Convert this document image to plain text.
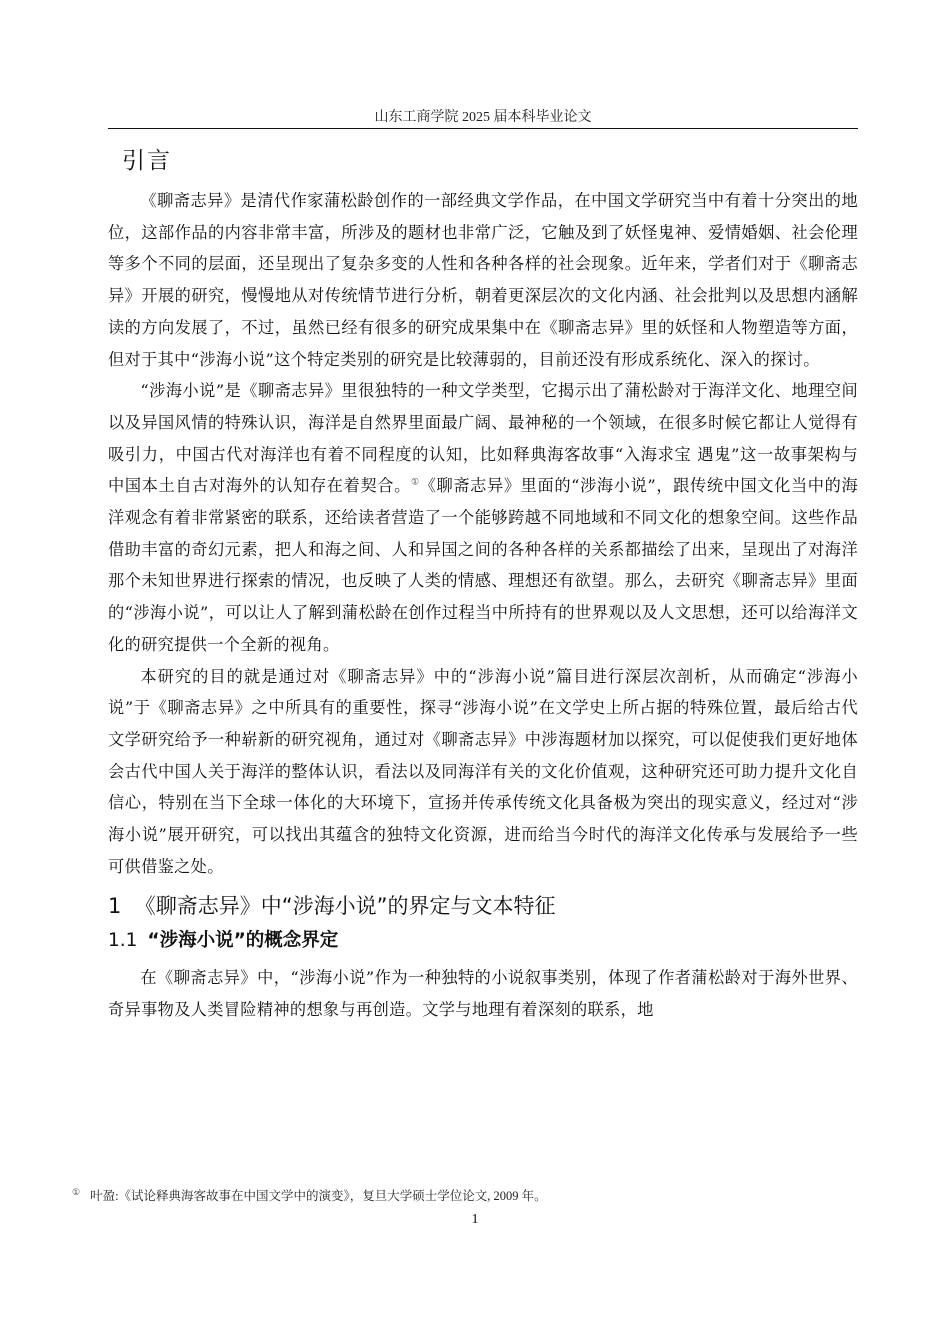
山东工商学院 2025 届本科毕业论文
引言

《聊斋志异》是清代作家蒲松龄创作的一部经典文学作品，在中国文学研究当中有着十分突出的地位，这部作品的内容非常丰富，所涉及的题材也非常广泛，它触及到了妖怪鬼神、爱情婚姻、社会伦理等多个不同的层面，还呈现出了复杂多变的人性和各种各样的社会现象。近年来，学者们对于《聊斋志异》开展的研究，慢慢地从对传统情节进行分析，朝着更深层次的文化内涵、社会批判以及思想内涵解读的方向发展了，不过，虽然已经有很多的研究成果集中在《聊斋志异》里的妖怪和人物塑造等方面，但对于其中“涉海小说”这个特定类别的研究是比较薄弱的，目前还没有形成系统化、深入的探讨。

“涉海小说”是《聊斋志异》里很独特的一种文学类型，它揭示出了蒲松龄对于海洋文化、地理空间以及异国风情的特殊认识，海洋是自然界里面最广阔、最神秘的一个领域，在很多时候它都让人觉得有吸引力，中国古代对海洋也有着不同程度的认知，比如释典海客故事“入海求宝 遇鬼”这一故事架构与中国本土自古对海外的认知存在着契合。①《聊斋志异》里面的“涉海小说”，跟传统中国文化当中的海洋观念有着非常紧密的联系，还给读者营造了一个能够跨越不同地域和不同文化的想象空间。这些作品借助丰富的奇幻元素，把人和海之间、人和异国之间的各种各样的关系都描绘了出来，呈现出了对海洋那个未知世界进行探索的情况，也反映了人类的情感、理想还有欲望。那么，去研究《聊斋志异》里面的“涉海小说”，可以让人了解到蒲松龄在创作过程当中所持有的世界观以及人文思想，还可以给海洋文化的研究提供一个全新的视角。

本研究的目的就是通过对《聊斋志异》中的“涉海小说”篇目进行深层次剖析，从而确定“涉海小说”于《聊斋志异》之中所具有的重要性，探寻“涉海小说”在文学史上所占据的特殊位置，最后给古代文学研究给予一种崭新的研究视角，通过对《聊斋志异》中涉海题材加以探究，可以促使我们更好地体会古代中国人关于海洋的整体认识，看法以及同海洋有关的文化价值观，这种研究还可助力提升文化自信心，特别在当下全球一体化的大环境下，宣扬并传承传统文化具备极为突出的现实意义，经过对“涉海小说”展开研究，可以找出其蕴含的独特文化资源，进而给当今时代的海洋文化传承与发展给予一些可供借鉴之处。

1 《聊斋志异》中“涉海小说”的界定与文本特征
1.1 “涉海小说”的概念界定

在《聊斋志异》中，“涉海小说”作为一种独特的小说叙事类别，体现了作者蒲松龄对于海外世界、奇异事物及人类冒险精神的想象与再创造。文学与地理有着深刻的联系，地

① 叶盈:《试论释典海客故事在中国文学中的演变》，复旦大学硕士学位论文, 2009 年。
1
